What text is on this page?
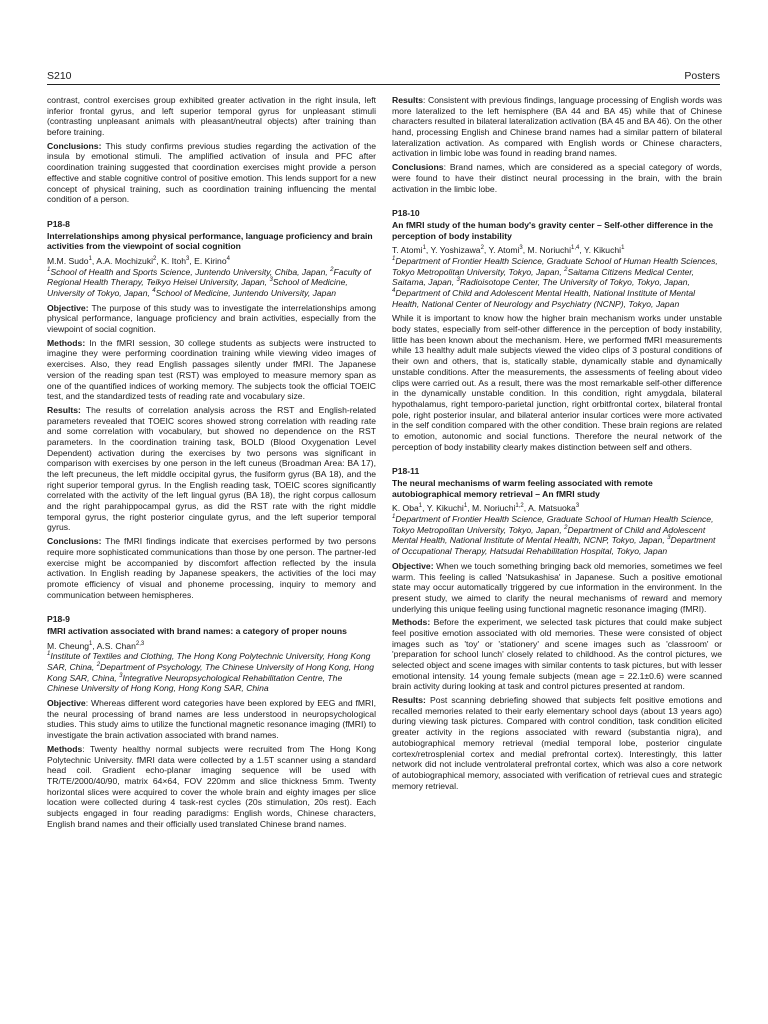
S210	Posters

contrast, control exercises group exhibited greater activation in the right insula, left inferior frontal gyrus, and left superior temporal gyrus for unpleasant stimuli (contrasting unpleasant animals with pleasant/neutral objects) after training than before training.

Conclusions: This study confirms previous studies regarding the activation of the insula by emotional stimuli. The amplified activation of insula and PFC after coordination training suggested that coordination exercises might provide a person effective and stable cognitive control of positive emotion. This lends support for a new concept of physical training, such as coordination training influencing the mental condition of a person.

P18-8
Interrelationships among physical performance, language proficiency and brain activities from the viewpoint of social cognition
M.M. Sudo$^1$, A.A. Mochizuki$^2$, K. Itoh$^3$, E. Kirino$^4$
$^1$School of Health and Sports Science, Juntendo University, Chiba, Japan, $^2$Faculty of Regional Health Therapy, Teikyo Heisei University, Japan, $^3$School of Medicine, University of Tokyo, Japan, $^4$School of Medicine, Juntendo University, Japan

Objective: The purpose of this study was to investigate the interrelationships among physical performance, language proficiency and brain activities, especially from the viewpoint of social cognition.

Methods: In the fMRI session, 30 college students as subjects were instructed to imagine they were performing coordination training while viewing video images of exercises. Also, they read English passages silently under fMRI. The Japanese version of the reading span test (RST) was employed to measure memory span as one of the quantified indices of working memory. The subjects took the official TOEIC test, and the standardized tests of reading rate and vocabulary size.

Results: The results of correlation analysis across the RST and English-related parameters revealed that TOEIC scores showed strong correlation with reading rate and some correlation with vocabulary, but showed no dependence on the RST parameters. In the coordination training task, BOLD (Blood Oxygenation Level Dependent) activation during the exercises by two persons was significant in comparison with exercises by one person in the left cuneus (Broadman Area: BA 17), the left precuneus, the left middle occipital gyrus, the fusiform gyrus (BA 18), and the right superior temporal gyrus. In the English reading task, TOEIC scores significantly correlated with the activity of the left lingual gyrus (BA 18), the right corpus callosum and the right parahippocampal gyrus, as did the RST rate with the right middle temporal gyrus, the right posterior cingulate gyrus, and the left superior temporal gyrus.

Conclusions: The fMRI findings indicate that exercises performed by two persons require more sophisticated communications than those by one person. The partner-led exercise might be accompanied by discomfort affection reflected by the insula activation. In English reading by Japanese speakers, the activities of the loci may promote efficiency of visual and phoneme processing, inquiry to memory and communication between hemispheres.

P18-9
fMRI activation associated with brand names: a category of proper nouns
M. Cheung$^1$, A.S. Chan$^{2,3}$
$^1$Institute of Textiles and Clothing, The Hong Kong Polytechnic University, Hong Kong SAR, China, $^2$Department of Psychology, The Chinese University of Hong Kong, Hong Kong SAR, China, $^3$Integrative Neuropsychological Rehabilitation Centre, The Chinese University of Hong Kong, Hong Kong SAR, China

Objective: Whereas different word categories have been explored by EEG and fMRI, the neural processing of brand names are less understood in neuropsychological studies. This study aims to utilize the functional magnetic resonance imaging (fMRI) to investigate the brain activation associated with brand names.

Methods: Twenty healthy normal subjects were recruited from The Hong Kong Polytechnic University. fMRI data were collected by a 1.5T scanner using a standard head coil. Gradient echo-planar imaging sequence will be used with TR/TE/2000/40/90, matrix 64×64, FOV 220mm and slice thickness 5mm. Twenty horizontal slices were acquired to cover the whole brain and eighty images per slice location were collected during 4 task-rest cycles (20s stimulation, 20s rest). Each subjects engaged in four reading paradigms: English words, Chinese characters, English brand names and their officially used translated Chinese brand names.

Results: Consistent with previous findings, language processing of English words was more lateralized to the left hemisphere (BA 44 and BA 45) while that of Chinese characters resulted in bilateral lateralization activation (BA 45 and BA 46). On the other hand, processing English and Chinese brand names had a similar pattern of bilateral lateralization activation. As compared with English words or Chinese characters, activation in limbic lobe was found in reading brand names.

Conclusions: Brand names, which are considered as a special category of words, were found to have their distinct neural processing in the brain, with the brain activation in the limbic lobe.

P18-10
An fMRI study of the human body's gravity center – Self-other difference in the perception of body instability
T. Atomi$^1$, Y. Yoshizawa$^2$, Y. Atomi$^3$, M. Noriuchi$^{1,4}$, Y. Kikuchi$^1$
$^1$Department of Frontier Health Science, Graduate School of Human Health Sciences, Tokyo Metropolitan University, Tokyo, Japan, $^2$Saitama Citizens Medical Center, Saitama, Japan, $^3$Radioisotope Center, The University of Tokyo, Tokyo, Japan, $^4$Department of Child and Adolescent Mental Health, National Institute of Mental Health, National Center of Neurology and Psychiatry (NCNP), Tokyo, Japan

While it is important to know how the higher brain mechanism works under unstable body states, especially from self-other difference in the perception of body instability, little has been known about the mechanism. Here, we performed fMRI measurements while 13 healthy adult male subjects viewed the video clips of 3 postural conditions of their own and others, that is, statically stable, dynamically stable and dynamically unstable conditions. After the measurements, the assessments of feeling about video clips were carried out. As a result, there was the most remarkable self-other difference in the dynamically unstable condition. In this condition, right amygdala, bilateral hypothalamus, right temporo-parietal junction, right orbitfrontal cortex, bilateral frontal pole, right posterior insular, and bilateral anterior insular cortices were more activated in the self condition compared with the other condition. These brain regions are related to emotion, autonomic and social functions. Therefore the neural network of the perception of body instability clearly makes distinction between self and others.

P18-11
The neural mechanisms of warm feeling associated with remote autobiographical memory retrieval – An fMRI study
K. Oba$^1$, Y. Kikuchi$^1$, M. Noriuchi$^{1,2}$, A. Matsuoka$^3$
$^1$Department of Frontier Health Science, Graduate School of Human Health Science, Tokyo Metropolitan University, Tokyo, Japan, $^2$Department of Child and Adolescent Mental Health, National Institute of Mental Health, NCNP, Tokyo, Japan, $^3$Department of Occupational Therapy, Hatsudai Rehabilitation Hospital, Tokyo, Japan

Objective: When we touch something bringing back old memories, sometimes we feel warm. This feeling is called 'Natsukashisa' in Japanese. Such a positive emotional state may occur automatically triggered by cue information in the environment. In the present study, we aimed to clarify the neural mechanisms of reward and memory underlying this unique feeling using functional magnetic resonance imaging (fMRI).

Methods: Before the experiment, we selected task pictures that could make subject feel positive emotion associated with old memories. These were consisted of object images such as 'toy' or 'stationery' and scene images such as 'classroom' or 'preparation for school lunch' closely related to childhood. As the control pictures, we selected object and scene images with similar contents to task pictures, but with lesser emotional intensity. 14 young female subjects (mean age = 22.1±0.6) were scanned brain activity during looking at task and control pictures presented at random.

Results: Post scanning debriefing showed that subjects felt positive emotions and recalled memories related to their early elementary school days (about 13 years ago) during viewing task pictures. Compared with control condition, task condition elicited greater activity in the regions associated with reward (substantia nigra), and autobiographical memory retrieval (medial temporal lobe, posterior cingulate cortex/retrosplenial cortex and medial prefrontal cortex). Interestingly, this latter network did not include ventrolateral prefrontal cortex, which was also a core network of autobiographical memory, associated with verification of retrieval cues and strategic memory retrieval.
